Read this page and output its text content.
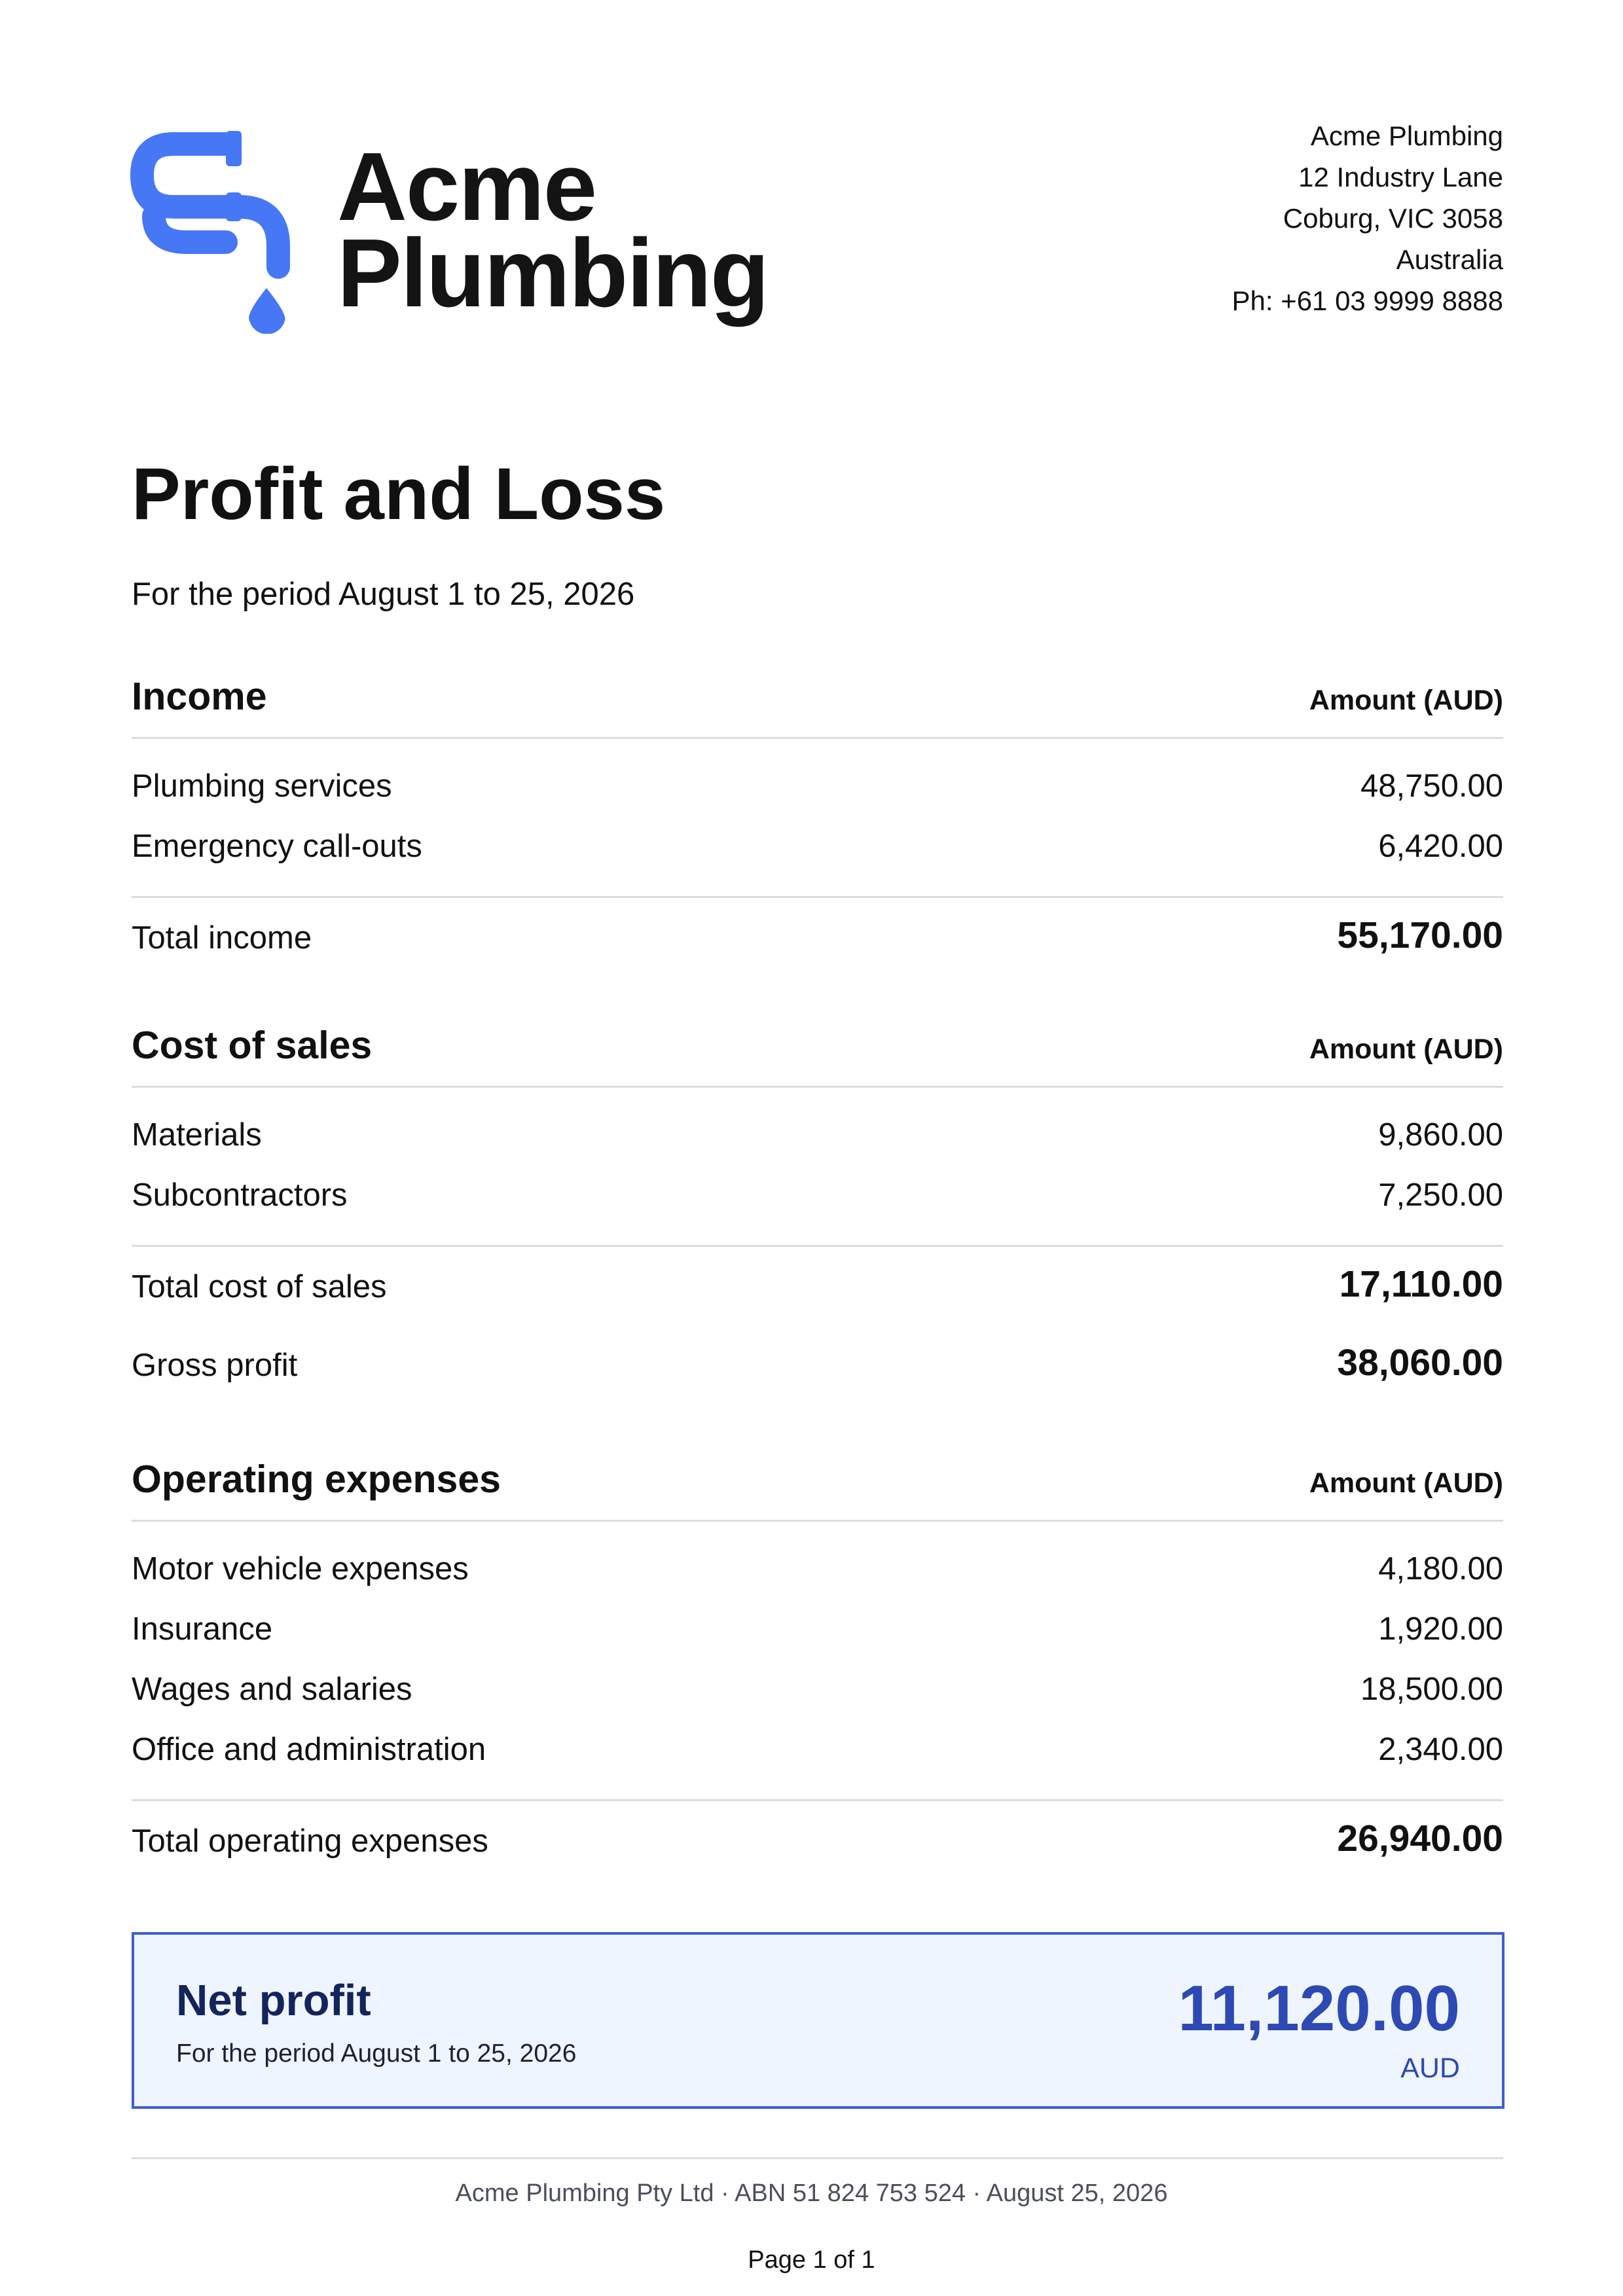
Acme
Plumbing
Acme Plumbing
12 Industry Lane
Coburg, VIC 3058
Australia
Ph: +61 03 9999 8888
Profit and Loss
For the period August 1 to 25, 2026
Income	Amount (AUD)
Plumbing services	48,750.00
Emergency call-outs	6,420.00
Total income	55,170.00
Cost of sales	Amount (AUD)
Materials	9,860.00
Subcontractors	7,250.00
Total cost of sales	17,110.00
Gross profit	38,060.00
Operating expenses	Amount (AUD)
Motor vehicle expenses	4,180.00
Insurance	1,920.00
Wages and salaries	18,500.00
Office and administration	2,340.00
Total operating expenses	26,940.00
Net profit
For the period August 1 to 25, 2026
11,120.00
AUD
Acme Plumbing Pty Ltd · ABN 51 824 753 524 · August 25, 2026
Page 1 of 1
